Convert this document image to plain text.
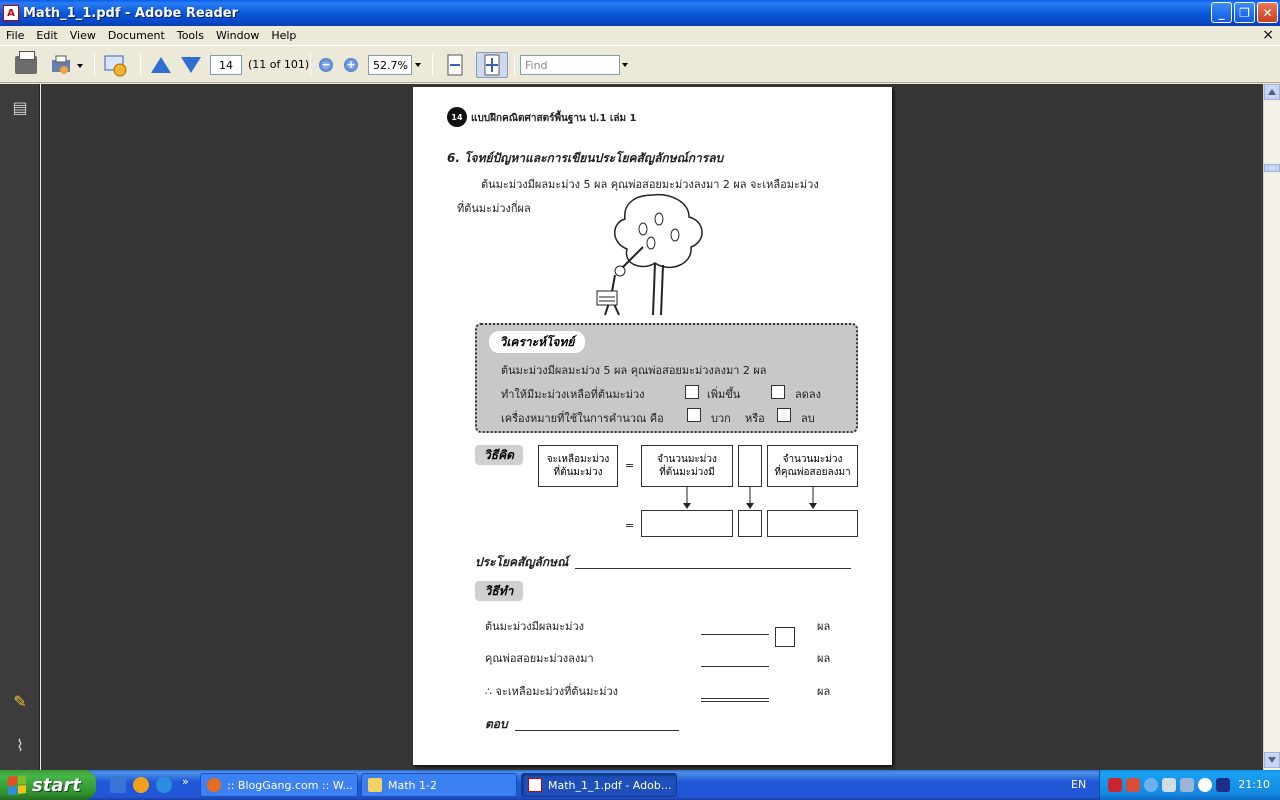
A Math_1_1.pdf - Adobe Reader	_	❐	✕
File	Edit	View	Document	Tools	Window	Help	×
14	(11 of 101) − +	52.7%	Find
▤
✎
⌇
14 แบบฝึกคณิตศาสตร์พื้นฐาน ป.1 เล่ม 1
6. โจทย์ปัญหาและการเขียนประโยคสัญลักษณ์การลบ
ต้นมะม่วงมีผลมะม่วง 5 ผล คุณพ่อสอยมะม่วงลงมา 2 ผล จะเหลือมะม่วง
ที่ต้นมะม่วงกี่ผล
วิเคราะห์โจทย์
ต้นมะม่วงมีผลมะม่วง 5 ผล คุณพ่อสอยมะม่วงลงมา 2 ผล
ทำให้มีมะม่วงเหลือที่ต้นมะม่วง	เพิ่มขึ้น	ลดลง
เครื่องหมายที่ใช้ในการคำนวณ คือ	บวก หรือ	ลบ
วิธีคิด	จะเหลือมะม่วง
ที่ต้นมะม่วง
= จำนวนมะม่วง
ที่ต้นมะม่วงมี
จำนวนมะม่วง
ที่คุณพ่อสอยลงมา
=
ประโยคสัญลักษณ์
วิธีทำ
ต้นมะม่วงมีผลมะม่วง	ผล
คุณพ่อสอยมะม่วงลงมา	ผล
∴ จะเหลือมะม่วงที่ต้นมะม่วง	ผล
ตอบ
start	»	:: BlogGang.com :: W...	Math 1-2	Math_1_1.pdf - Adob...	EN	21:10
